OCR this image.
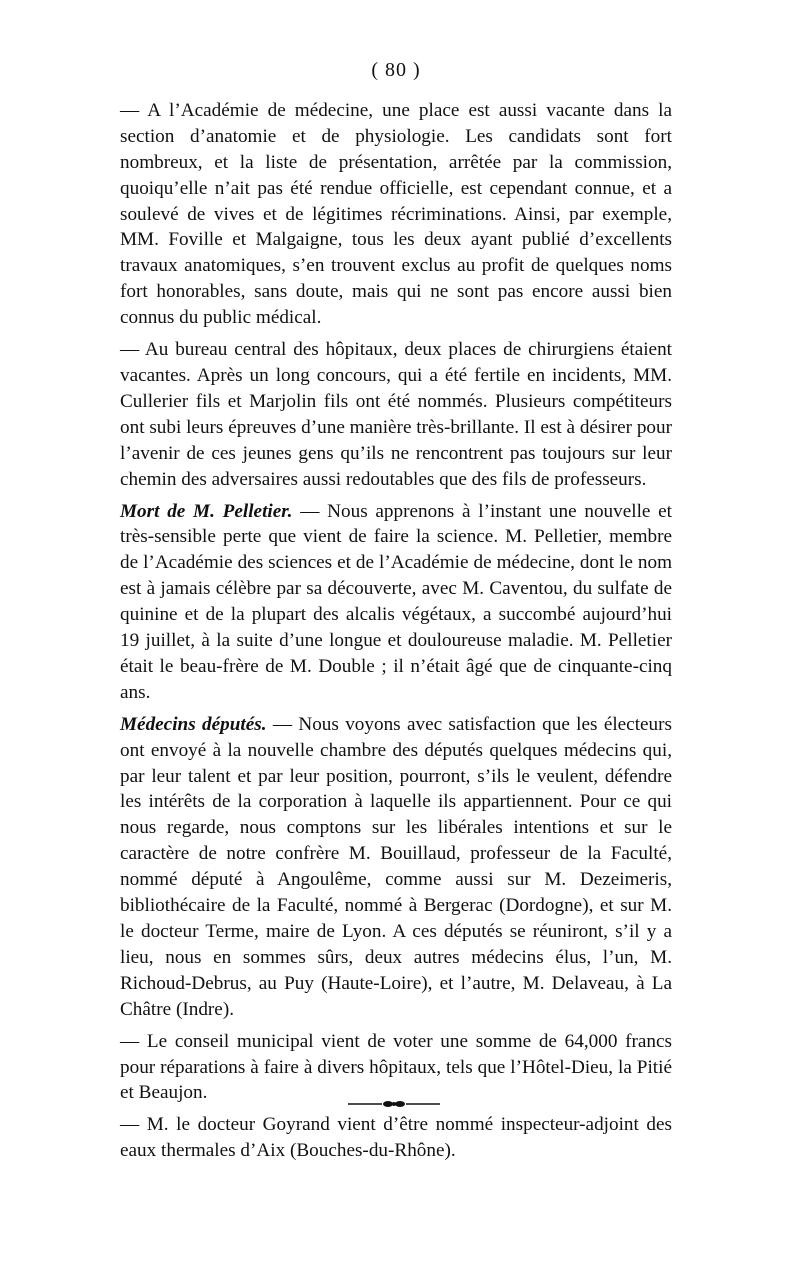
( 80 )

— A l’Académie de médecine, une place est aussi vacante dans la section d’anatomie et de physiologie. Les candidats sont fort nombreux, et la liste de présentation, arrêtée par la commission, quoiqu’elle n’ait pas été rendue officielle, est cependant connue, et a soulevé de vives et de légitimes récriminations. Ainsi, par exemple, MM. Foville et Malgaigne, tous les deux ayant publié d’excellents travaux anatomiques, s’en trouvent exclus au profit de quelques noms fort honorables, sans doute, mais qui ne sont pas encore aussi bien connus du public médical.

— Au bureau central des hôpitaux, deux places de chirurgiens étaient vacantes. Après un long concours, qui a été fertile en incidents, MM. Cullerier fils et Marjolin fils ont été nommés. Plusieurs compétiteurs ont subi leurs épreuves d’une manière très-brillante. Il est à désirer pour l’avenir de ces jeunes gens qu’ils ne rencontrent pas toujours sur leur chemin des adversaires aussi redoutables que des fils de professeurs.

Mort de M. Pelletier. — Nous apprenons à l’instant une nouvelle et très-sensible perte que vient de faire la science. M. Pelletier, membre de l’Académie des sciences et de l’Académie de médecine, dont le nom est à jamais célèbre par sa découverte, avec M. Caventou, du sulfate de quinine et de la plupart des alcalis végétaux, a succombé aujourd’hui 19 juillet, à la suite d’une longue et douloureuse maladie. M. Pelletier était le beau-frère de M. Double ; il n’était âgé que de cinquante-cinq ans.

Médecins députés. — Nous voyons avec satisfaction que les électeurs ont envoyé à la nouvelle chambre des députés quelques médecins qui, par leur talent et par leur position, pourront, s’ils le veulent, défendre les intérêts de la corporation à laquelle ils appartiennent. Pour ce qui nous regarde, nous comptons sur les libérales intentions et sur le caractère de notre confrère M. Bouillaud, professeur de la Faculté, nommé député à Angoulême, comme aussi sur M. Dezeimeris, bibliothécaire de la Faculté, nommé à Bergerac (Dordogne), et sur M. le docteur Terme, maire de Lyon. A ces députés se réuniront, s’il y a lieu, nous en sommes sûrs, deux autres médecins élus, l’un, M. Richoud-Debrus, au Puy (Haute-Loire), et l’autre, M. Delaveau, à La Châtre (Indre).

— Le conseil municipal vient de voter une somme de 64,000 francs pour réparations à faire à divers hôpitaux, tels que l’Hôtel-Dieu, la Pitié et Beaujon.

— M. le docteur Goyrand vient d’être nommé inspecteur-adjoint des eaux thermales d’Aix (Bouches-du-Rhône).
